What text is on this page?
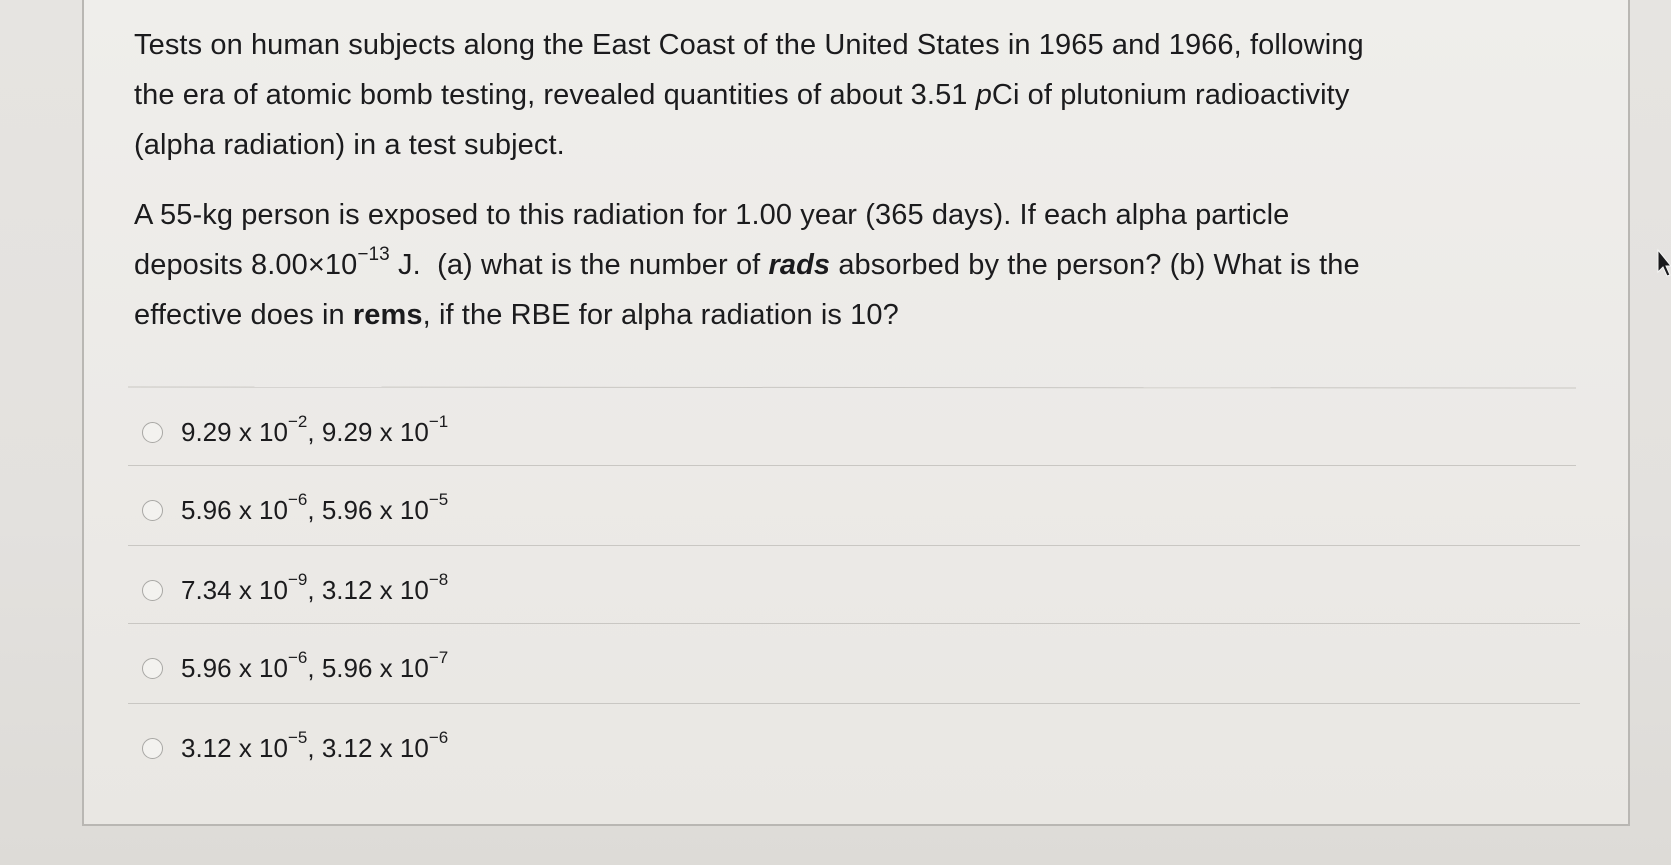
Tests on human subjects along the East Coast of the United States in 1965 and 1966, following
the era of atomic bomb testing, revealed quantities of about 3.51 pCi of plutonium radioactivity
(alpha radiation) in a test subject.
A 55-kg person is exposed to this radiation for 1.00 year (365 days). If each alpha particle
deposits $8.00\times 10^{-13}$ J.  (a) what is the number of rads absorbed by the person? (b) What is the
effective does in rems, if the RBE for alpha radiation is 10?
9.29 x $10^{-2}$, 9.29 x $10^{-1}$
5.96 x $10^{-6}$, 5.96 x $10^{-5}$
7.34 x $10^{-9}$, 3.12 x $10^{-8}$
5.96 x $10^{-6}$, 5.96 x $10^{-7}$
3.12 x $10^{-5}$, 3.12 x $10^{-6}$
